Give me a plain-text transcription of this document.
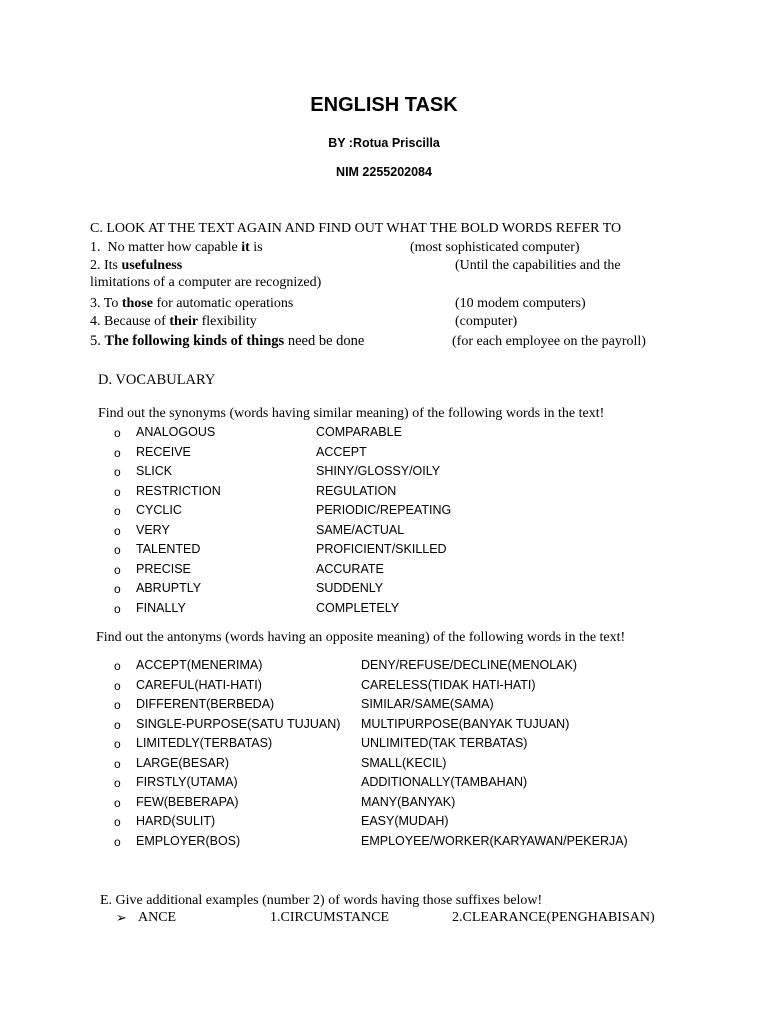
ENGLISH TASK
BY :Rotua Priscilla
NIM 2255202084
C. LOOK AT THE TEXT AGAIN AND FIND OUT WHAT THE BOLD WORDS REFER TO
1.  No matter how capable it is	(most sophisticated computer)
2. Its usefulness	(Until the capabilities and the
limitations of a computer are recognized)
3. To those for automatic operations	(10 modem computers)
4. Because of their flexibility	(computer)
5. The following kinds of things need be done	(for each employee on the payroll)
D. VOCABULARY
Find out the synonyms (words having similar meaning) of the following words in the text!
o ANALOGOUS	COMPARABLE
o RECEIVE	ACCEPT
o SLICK	SHINY/GLOSSY/OILY
o RESTRICTION	REGULATION
o CYCLIC	PERIODIC/REPEATING
o VERY	SAME/ACTUAL
o TALENTED	PROFICIENT/SKILLED
o PRECISE	ACCURATE
o ABRUPTLY	SUDDENLY
o FINALLY	COMPLETELY
Find out the antonyms (words having an opposite meaning) of the following words in the text!
o ACCEPT(MENERIMA)	DENY/REFUSE/DECLINE(MENOLAK)
o CAREFUL(HATI-HATI)	CARELESS(TIDAK HATI-HATI)
o DIFFERENT(BERBEDA)	SIMILAR/SAME(SAMA)
o SINGLE-PURPOSE(SATU TUJUAN) MULTIPURPOSE(BANYAK TUJUAN)
o LIMITEDLY(TERBATAS)	UNLIMITED(TAK TERBATAS)
o LARGE(BESAR)	SMALL(KECIL)
o FIRSTLY(UTAMA)	ADDITIONALLY(TAMBAHAN)
o FEW(BEBERAPA)	MANY(BANYAK)
o HARD(SULIT)	EASY(MUDAH)
o EMPLOYER(BOS)	EMPLOYEE/WORKER(KARYAWAN/PEKERJA)
E. Give additional examples (number 2) of words having those suffixes below!
➢ ANCE	1.CIRCUMSTANCE	2.CLEARANCE(PENGHABISAN)
